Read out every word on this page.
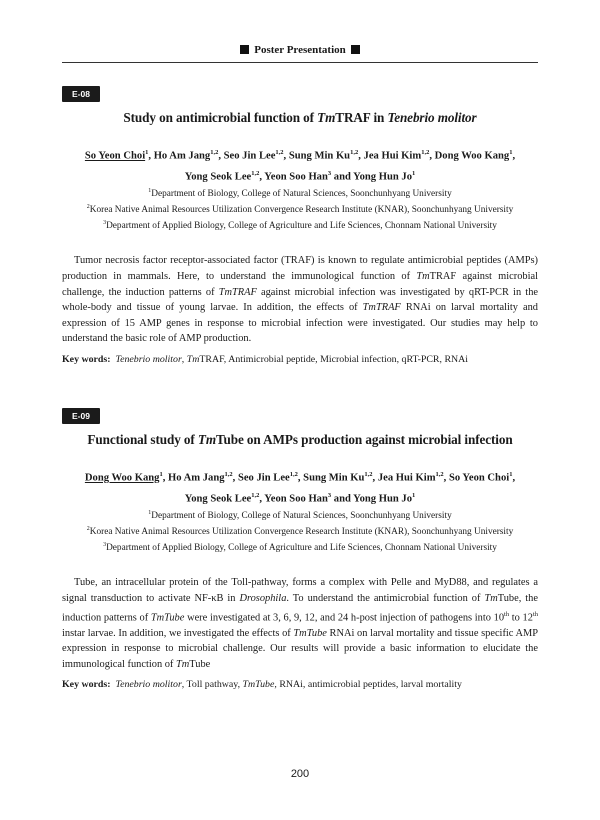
Poster Presentation
E-08
Study on antimicrobial function of TmTRAF in Tenebrio molitor
So Yeon Choi$^1$, Ho Am Jang$^{1,2}$, Seo Jin Lee$^{1,2}$, Sung Min Ku$^{1,2}$, Jea Hui Kim$^{1,2}$, Dong Woo Kang$^1$,
Yong Seok Lee$^{1,2}$, Yeon Soo Han$^3$ and Yong Hun Jo$^1$
$^1$Department of Biology, College of Natural Sciences, Soonchunhyang University
$^2$Korea Native Animal Resources Utilization Convergence Research Institute (KNAR), Soonchunhyang University
$^3$Department of Applied Biology, College of Agriculture and Life Sciences, Chonnam National University
Tumor necrosis factor receptor-associated factor (TRAF) is known to regulate antimicrobial peptides (AMPs) production in mammals. Here, to understand the immunological function of TmTRAF against microbial challenge, the induction patterns of TmTRAF against microbial infection was investigated by qRT-PCR in the whole-body and tissue of young larvae. In addition, the effects of TmTRAF RNAi on larval mortality and expression of 15 AMP genes in response to microbial infection were investigated. Our studies may help to understand the basic role of AMP production.
Key words: Tenebrio molitor, TmTRAF, Antimicrobial peptide, Microbial infection, qRT-PCR, RNAi
E-09
Functional study of TmTube on AMPs production against microbial infection
Dong Woo Kang$^1$, Ho Am Jang$^{1,2}$, Seo Jin Lee$^{1,2}$, Sung Min Ku$^{1,2}$, Jea Hui Kim$^{1,2}$, So Yeon Choi$^1$,
Yong Seok Lee$^{1,2}$, Yeon Soo Han$^3$ and Yong Hun Jo$^1$
$^1$Department of Biology, College of Natural Sciences, Soonchunhyang University
$^2$Korea Native Animal Resources Utilization Convergence Research Institute (KNAR), Soonchunhyang University
$^3$Department of Applied Biology, College of Agriculture and Life Sciences, Chonnam National University
Tube, an intracellular protein of the Toll-pathway, forms a complex with Pelle and MyD88, and regulates a signal transduction to activate NF-κB in Drosophila. To understand the antimicrobial function of TmTube, the induction patterns of TmTube were investigated at 3, 6, 9, 12, and 24 h-post injection of pathogens into 10th to 12th instar larvae. In addition, we investigated the effects of TmTube RNAi on larval mortality and tissue specific AMP expression in response to microbial challenge. Our results will provide a basic information to elucidate the immunological function of TmTube
Key words: Tenebrio molitor, Toll pathway, TmTube, RNAi, antimicrobial peptides, larval mortality
200
